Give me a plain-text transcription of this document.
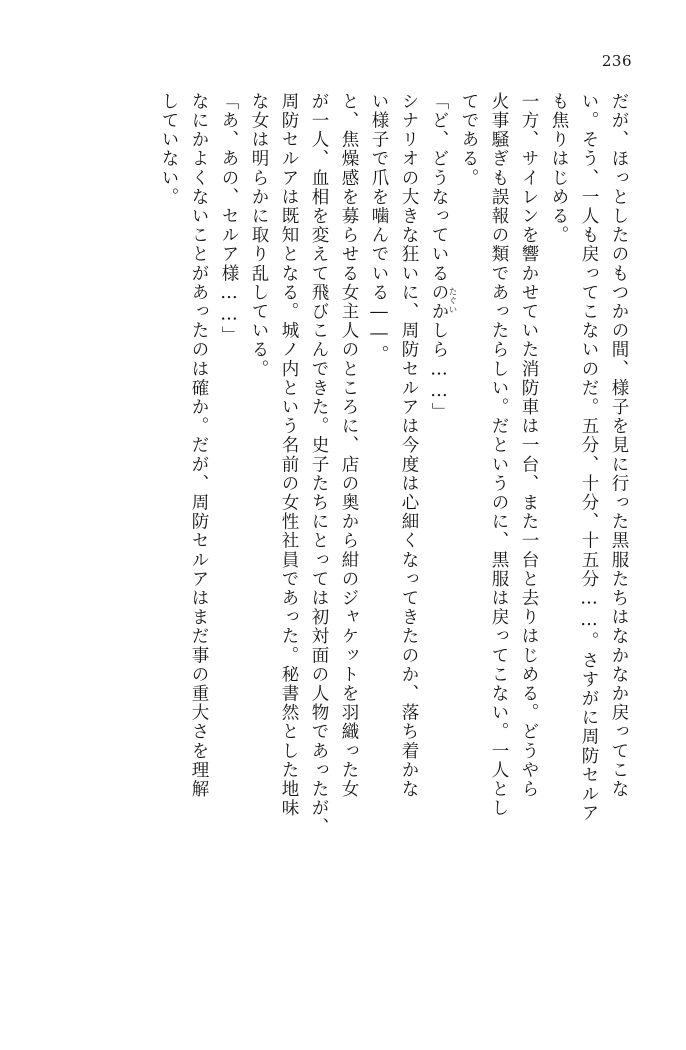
236
だが、ほっとしたのもつかの間、様子を見に行った黒服たちはなかなか戻ってこな
い。そう、一人も戻ってこないのだ。五分、十分、十五分……。さすがに周防セルア
も焦りはじめる。
一方、サイレンを響かせていた消防車は一台、また一台と去りはじめる。どうやら
火事騒ぎも誤報の類であったらしい。だというのに、黒服は戻ってこない。一人とし
てである。
「ど、どうなっているのかしら……」
シナリオの大きな狂いに、周防セルアは今度は心細くなってきたのか、落ち着かな
い様子で爪を噛んでいる――。
と、焦燥感を募らせる女主人のところに、店の奥から紺のジャケットを羽織った女
が一人、血相を変えて飛びこんできた。史子たちにとっては初対面の人物であったが、
周防セルアは既知となる。城ノ内という名前の女性社員であった。秘書然とした地味
な女は明らかに取り乱している。
「あ、あの、セルア様……」
なにかよくないことがあったのは確か。だが、周防セルアはまだ事の重大さを理解
していない。
たぐい
